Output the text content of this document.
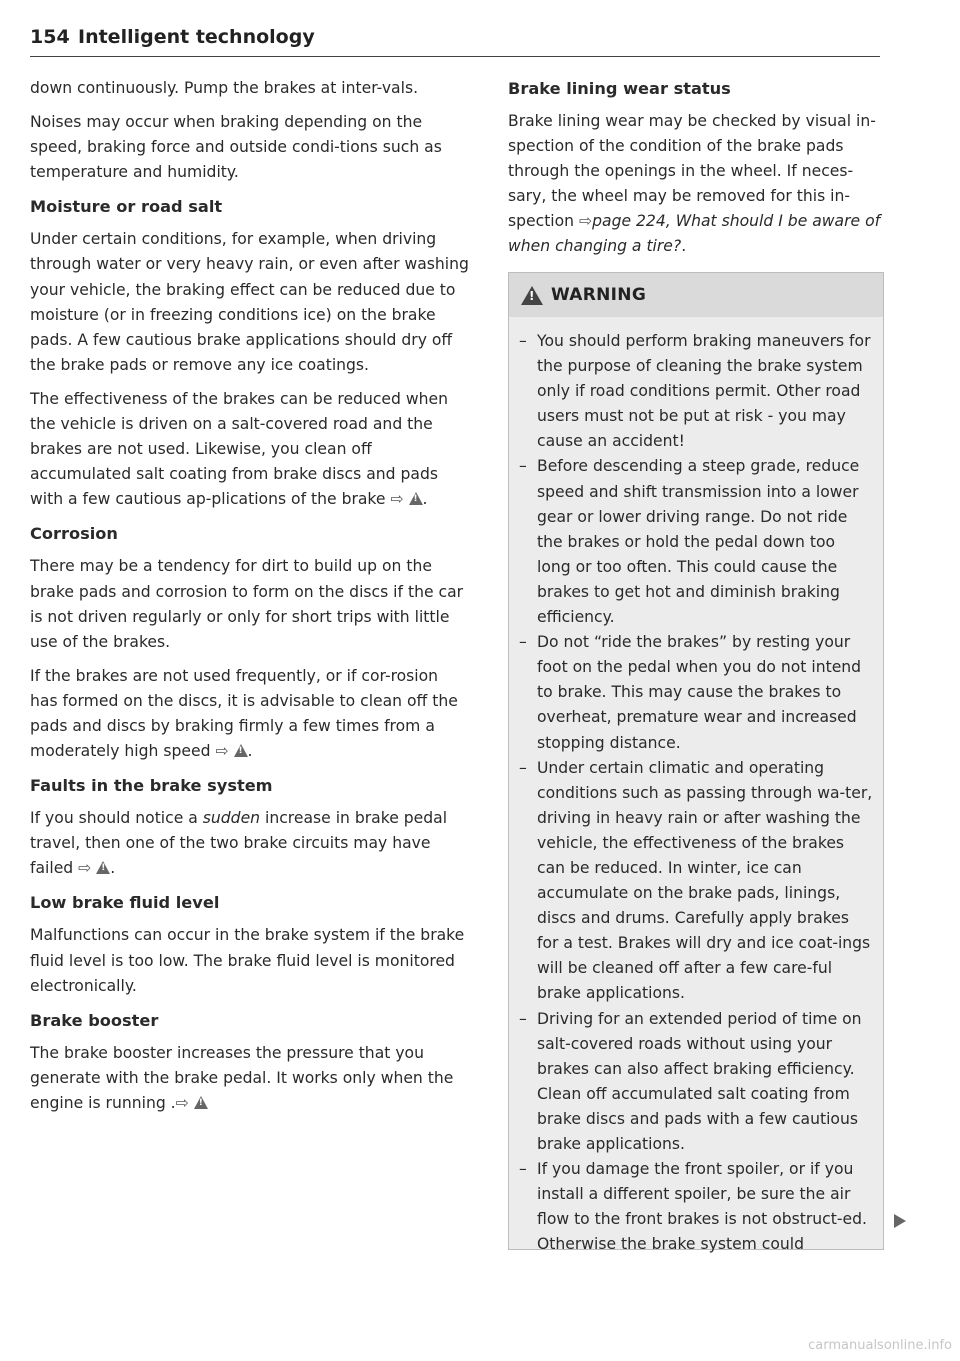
154 Intelligent technology

down continuously. Pump the brakes at inter-vals.

Noises may occur when braking depending on the speed, braking force and outside condi-tions such as temperature and humidity.

Moisture or road salt

Under certain conditions, for example, when driving through water or very heavy rain, or even after washing your vehicle, the braking effect can be reduced due to moisture (or in freezing conditions ice) on the brake pads. A few cautious brake applications should dry off the brake pads or remove any ice coatings.

The effectiveness of the brakes can be reduced when the vehicle is driven on a salt-covered road and the brakes are not used. Likewise, you clean off accumulated salt coating from brake discs and pads with a few cautious ap-plications of the brake ⇨ ! .

Corrosion

There may be a tendency for dirt to build up on the brake pads and corrosion to form on the discs if the car is not driven regularly or only for short trips with little use of the brakes.

If the brakes are not used frequently, or if cor-rosion has formed on the discs, it is advisable to clean off the pads and discs by braking firmly a few times from a moderately high speed ⇨ ! .

Faults in the brake system

If you should notice a sudden increase in brake pedal travel, then one of the two brake circuits may have failed ⇨ ! .

Low brake fluid level

Malfunctions can occur in the brake system if the brake fluid level is too low. The brake fluid level is monitored electronically.

Brake booster

The brake booster increases the pressure that you generate with the brake pedal. It works only when the engine is running .⇨ !

Brake lining wear status

Brake lining wear may be checked by visual in-spection of the condition of the brake pads through the openings in the wheel. If neces-sary, the wheel may be removed for this in-spection ⇨page 224, What should I be aware of when changing a tire?.

!
WARNING
– You should perform braking maneuvers for the purpose of cleaning the brake system only if road conditions permit. Other road users must not be put at risk - you may cause an accident!
– Before descending a steep grade, reduce speed and shift transmission into a lower gear or lower driving range. Do not ride the brakes or hold the pedal down too long or too often. This could cause the brakes to get hot and diminish braking efficiency.
– Do not “ride the brakes” by resting your foot on the pedal when you do not intend to brake. This may cause the brakes to overheat, premature wear and increased stopping distance.
– Under certain climatic and operating conditions such as passing through wa-ter, driving in heavy rain or after washing the vehicle, the effectiveness of the brakes can be reduced. In winter, ice can accumulate on the brake pads, linings, discs and drums. Carefully apply brakes for a test. Brakes will dry and ice coat-ings will be cleaned off after a few care-ful brake applications.
– Driving for an extended period of time on salt-covered roads without using your brakes can also affect braking efficiency. Clean off accumulated salt coating from brake discs and pads with a few cautious brake applications.
– If you damage the front spoiler, or if you install a different spoiler, be sure the air flow to the front brakes is not obstruct-ed. Otherwise the brake system could
carmanualsonline.info
